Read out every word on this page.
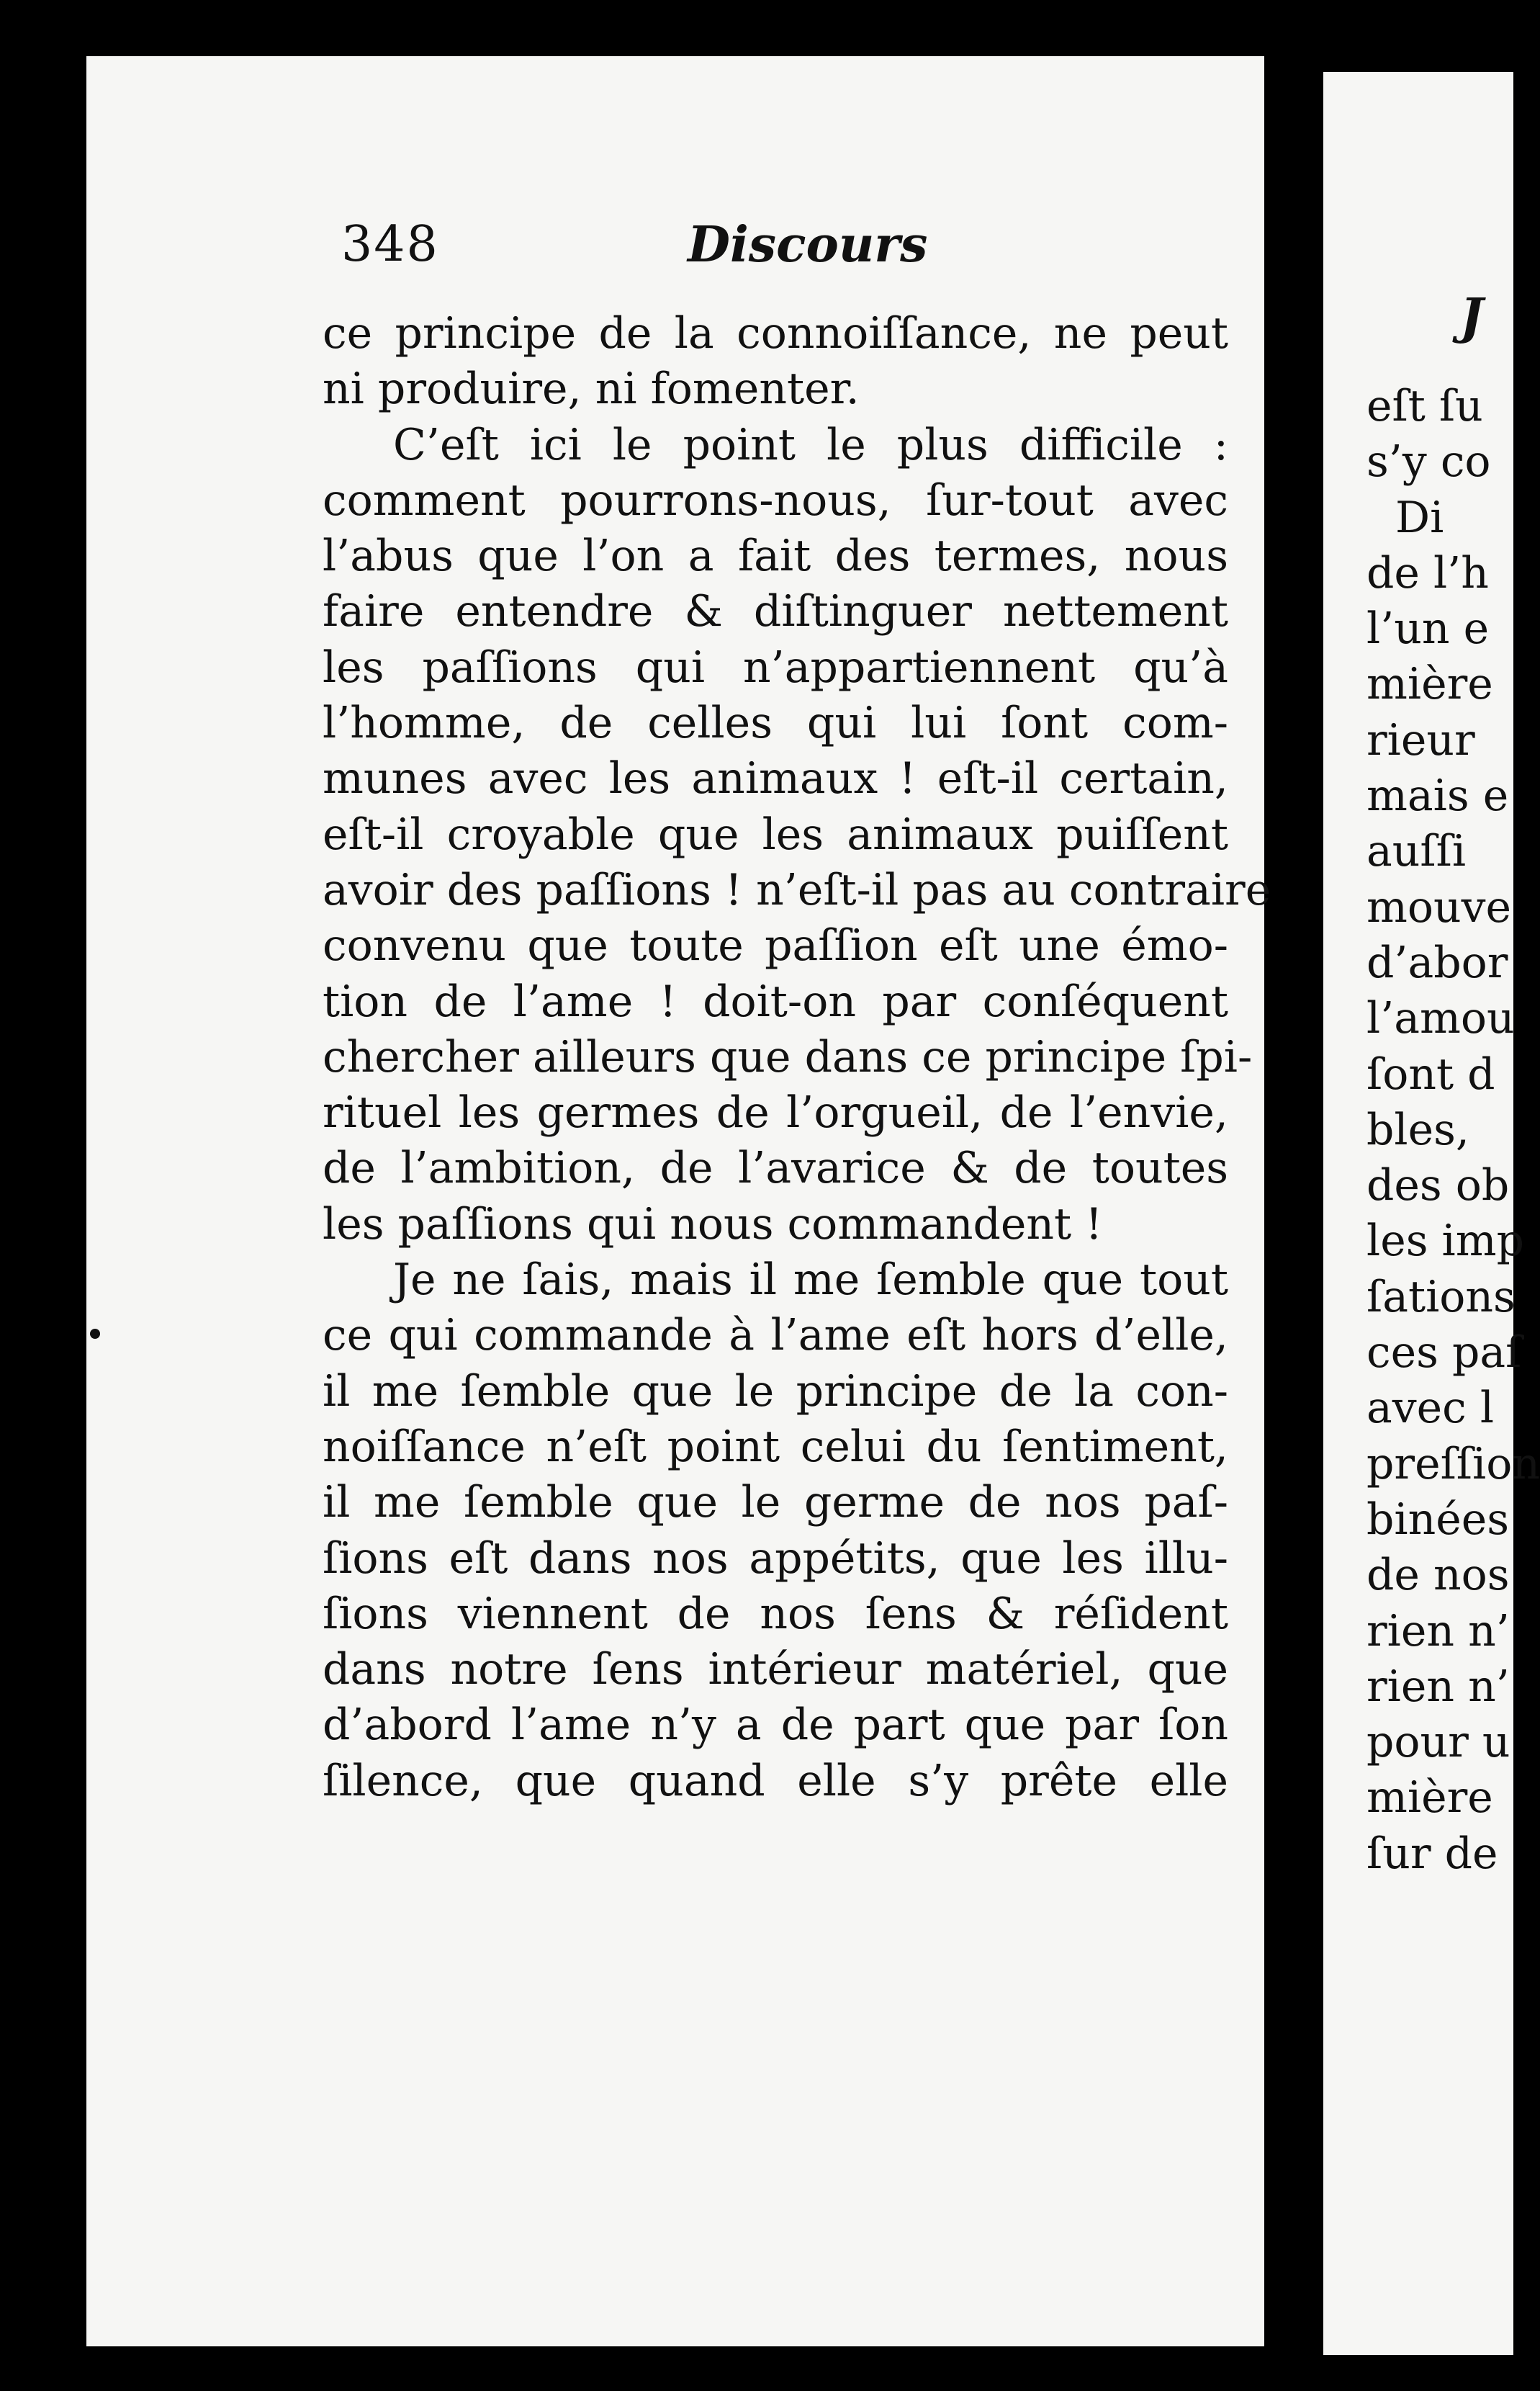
348	Discours
ce principe de la connoiſſance, ne peut
ni produire, ni fomenter.
C’eſt ici le point le plus difficile :
comment pourrons-nous, ſur-tout avec
l’abus que l’on a fait des termes, nous
faire entendre & diſtinguer nettement
les paſſions qui n’appartiennent qu’à
l’homme, de celles qui lui ſont com-
munes avec les animaux ! eſt-il certain,
eſt-il croyable que les animaux puiſſent
avoir des paſſions ! n’eſt-il pas au contraire
convenu que toute paſſion eſt une émo-
tion de l’ame ! doit-on par conſéquent
chercher ailleurs que dans ce principe ſpi-
rituel les germes de l’orgueil, de l’envie,
de l’ambition, de l’avarice & de toutes
les paſſions qui nous commandent !
Je ne ſais, mais il me ſemble que tout
ce qui commande à l’ame eſt hors d’elle,
il me ſemble que le principe de la con-
noiſſance n’eſt point celui du ſentiment,
il me ſemble que le germe de nos paſ-
ſions eſt dans nos appétits, que les illu-
ſions viennent de nos ſens & réſident
dans notre ſens intérieur matériel, que
d’abord l’ame n’y a de part que par ſon
ſilence, que quand elle s’y prête elle
J
eſt ſu
s’y co
Di
de l’h
l’un e
mière
rieur
mais e
auſſi
mouve
d’abor
l’amou
ſont d
bles,
des ob
les imp
ſations
ces paſ
avec l
preſſion
binées
de nos
rien n’
rien n’
pour u
mière
ſur de
